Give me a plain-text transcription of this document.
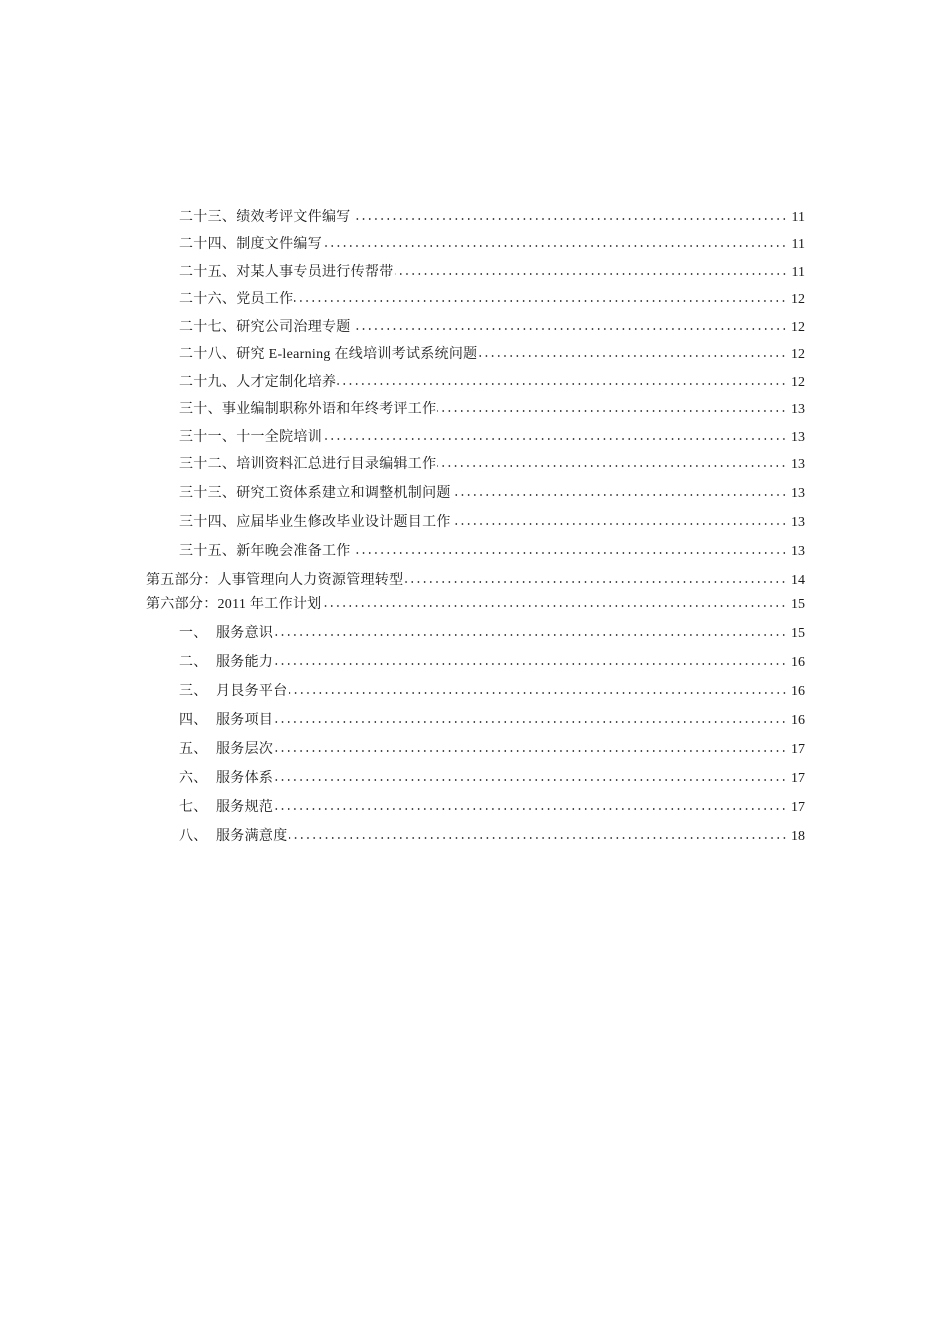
二十三、绩效考评文件编写	11
二十四、制度文件编写	11
二十五、对某人事专员进行传帮带	11
二十六、党员工作	12
二十七、研究公司治理专题	12
二十八、研究 E-learning 在线培训考试系统问题	12
二十九、人才定制化培养	12
三十、事业编制职称外语和年终考评工作	13
三十一、十一全院培训	13
三十二、培训资料汇总进行目录编辑工作	13
三十三、研究工资体系建立和调整机制问题	13
三十四、应届毕业生修改毕业设计题目工作	13
三十五、新年晚会准备工作	13
第五部分：人事管理向人力资源管理转型	14
第六部分：2011 年工作计划	15
一、 服务意识	15
二、 服务能力	16
三、 月艮务平台	16
四、 服务项目	16
五、 服务层次	17
六、 服务体系	17
七、 服务规范	17
八、 服务满意度	18
